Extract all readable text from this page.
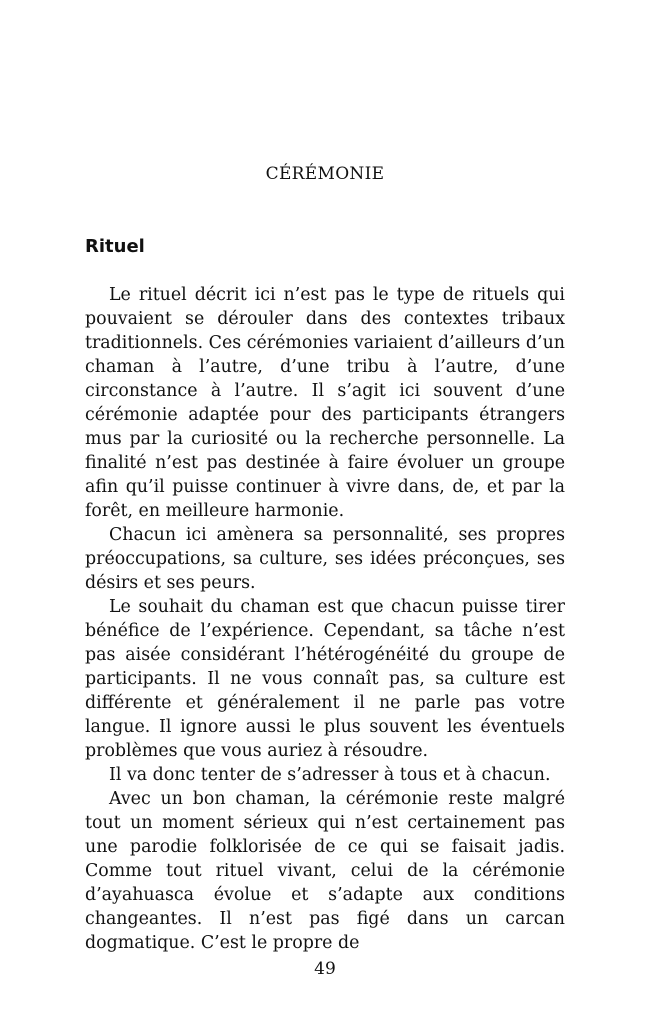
CÉRÉMONIE
Rituel

Le rituel décrit ici n’est pas le type de rituels qui pouvaient se dérouler dans des contextes tribaux traditionnels. Ces cérémonies variaient d’ailleurs d’un chaman à l’autre, d’une tribu à l’autre, d’une circonstance à l’autre. Il s’agit ici souvent d’une cérémonie adaptée pour des participants étrangers mus par la curiosité ou la recherche personnelle. La finalité n’est pas destinée à faire évoluer un groupe afin qu’il puisse continuer à vivre dans, de, et par la forêt, en meilleure harmonie.

Chacun ici amènera sa personnalité, ses propres préoccupations, sa culture, ses idées préconçues, ses désirs et ses peurs.

Le souhait du chaman est que chacun puisse tirer bénéfice de l’expérience. Cependant, sa tâche n’est pas aisée considérant l’hétérogénéité du groupe de participants. Il ne vous connaît pas, sa culture est différente et généralement il ne parle pas votre langue. Il ignore aussi le plus souvent les éventuels problèmes que vous auriez à résoudre.

Il va donc tenter de s’adresser à tous et à chacun.

Avec un bon chaman, la cérémonie reste malgré tout un moment sérieux qui n’est certainement pas une parodie folklorisée de ce qui se faisait jadis. Comme tout rituel vivant, celui de la cérémonie d’ayahuasca évolue et s’adapte aux conditions changeantes. Il n’est pas figé dans un carcan dogmatique. C’est le propre de

49
